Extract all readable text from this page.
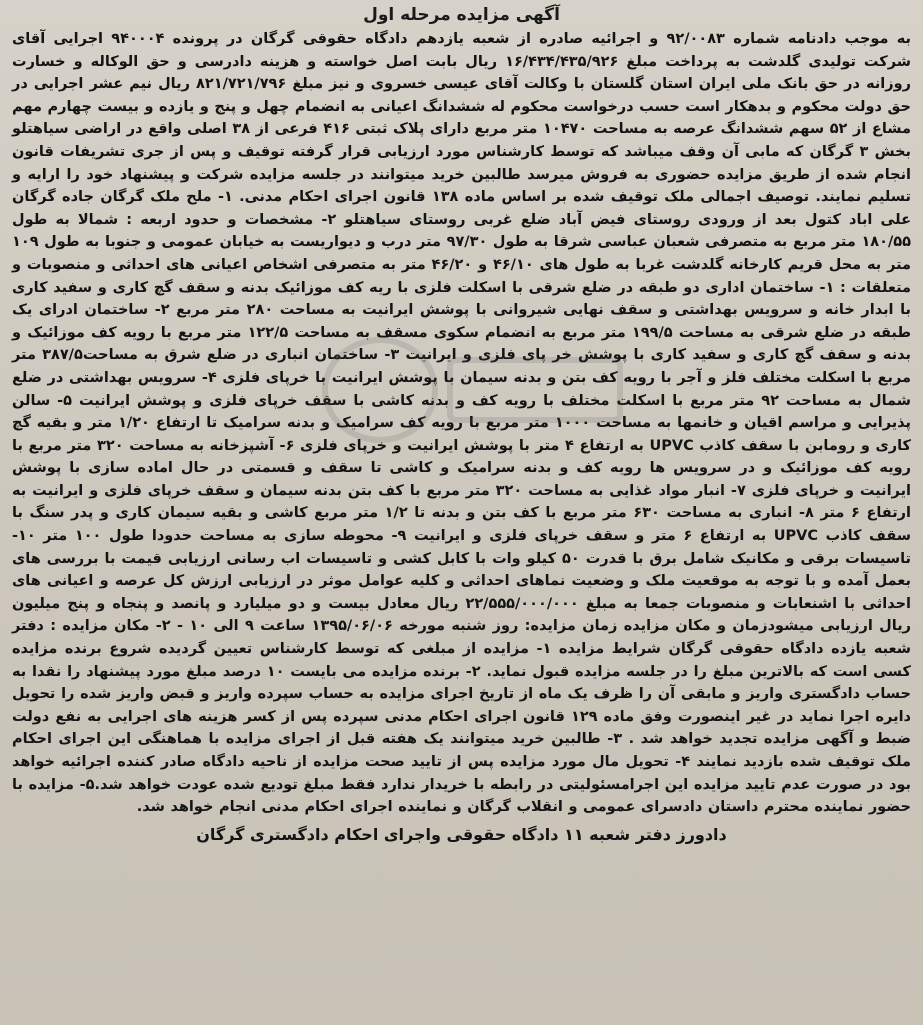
آگهی مزایده مرحله اول

به موجب دادنامه شماره ۹۲/۰۰۸۳ و اجرائیه صادره از شعبه یازدهم دادگاه حقوقی گرگان در پرونده ۹۴۰۰۰۴ اجرایی آقای شرکت تولیدی گلدشت به پرداخت مبلغ ۱۶/۴۳۴/۴۳۵/۹۲۶ ریال بابت اصل خواسته و هزینه دادرسی و حق الوکاله و خسارت روزانه در حق بانک ملی ایران استان گلستان با وکالت آقای عیسی خسروی و نیز مبلغ ۸۲۱/۷۲۱/۷۹۶ ریال نیم عشر اجرایی در حق دولت محکوم و بدهکار است حسب درخواست محکوم له ششدانگ اعیانی به انضمام چهل و پنج و یازده و بیست چهارم مهم مشاع از ۵۲ سهم ششدانگ عرصه به مساحت ۱۰۴۷۰ متر مربع دارای پلاک ثبتی ۴۱۶ فرعی از ۳۸ اصلی واقع در اراضی سیاهتلو بخش ۳ گرگان که مابی آن وقف میباشد که توسط کارشناس مورد ارزیابی قرار گرفته توقیف و پس از جری تشریفات قانون انجام شده از طریق مزایده حضوری به فروش میرسد طالبین خرید میتوانند در جلسه مزایده شرکت و پیشنهاد خود را ارایه و تسلیم نمایند. توصیف اجمالی ملک توقیف شده بر اساس ماده ۱۳۸ قانون اجرای احکام مدنی. ۱- ملح ملک گرگان جاده گرگان علی اباد کتول بعد از ورودی روستای فیض آباد ضلع غربی روستای سیاهتلو ۲- مشخصات و حدود اربعه : شمالا به طول ۱۸۰/۵۵ متر مربع به متصرفی شعبان عباسی شرقا به طول ۹۷/۳۰ متر درب و دیواریست به خیابان عمومی و جنوبا به طول ۱۰۹ متر به محل قریم کارخانه گلدشت غربا به طول های ۴۶/۱۰ و ۴۶/۲۰ متر به متصرفی اشخاص اعیانی های احداثی و منصوبات و متعلقات : ۱- ساختمان اداری دو طبقه در ضلع شرقی با اسکلت فلزی با ریه کف موزائیک بدنه و سقف گچ کاری و سفید کاری با ابدار خانه و سرویس بهداشتی و سقف نهایی شیروانی با پوشش ایرانیت به مساحت ۲۸۰ متر مربع ۲- ساختمان ادرای یک طبقه در ضلع شرقی به مساحت ۱۹۹/۵ متر مربع به انضمام سکوی مسقف به مساحت ۱۲۲/۵ متر مربع با رویه کف موزائیک و بدنه و سقف گچ کاری و سفید کاری با پوشش خر پای فلزی و ایرانیت ۳- ساختمان انباری در ضلع شرق به مساحت۳۸۷/۵ متر مربع با اسکلت مختلف فلز و آجر با رویه کف بتن و بدنه سیمان با پوشش ایرانیت با خرپای فلزی ۴- سرویس بهداشتی در ضلع شمال به مساحت ۹۲ متر مربع با اسکلت مختلف با رویه کف و بدنه کاشی با سقف خرپای فلزی و پوشش ایرانیت ۵- سالن پذیرایی و مراسم اقیان و خانمها به مساحت ۱۰۰۰ متر مربع با رویه کف سرامیک و بدنه سرامیک تا ارتفاع ۱/۲۰ متر و بقیه گچ کاری و رومابن با سقف کاذب UPVC به ارتفاع ۴ متر با پوشش ایرانیت و خرپای فلزی ۶- آشپزخانه به مساحت ۳۲۰ متر مربع با رویه کف موزائیک و در سرویس ها رویه کف و بدنه سرامیک و کاشی تا سقف و قسمتی در حال اماده سازی با پوشش ایرانیت و خرپای فلزی ۷- انبار مواد غذایی به مساحت ۳۲۰ متر مربع با کف بتن بدنه سیمان و سقف خرپای فلزی و ایرانیت به ارتفاع ۶ متر ۸- انباری به مساحت ۶۳۰ متر مربع با کف بتن و بدنه تا ۱/۲ متر مربع کاشی و بقیه سیمان کاری و پدر سنگ با سقف کاذب UPVC به ارتفاع ۶ متر و سقف خرپای فلزی و ایرانیت ۹- محوطه سازی به مساحت حدودا طول ۱۰۰ متر ۱۰- تاسیسات برقی و مکانیک شامل برق با قدرت ۵۰ کیلو وات با کابل کشی و تاسیسات اب رسانی ارزیابی قیمت با بررسی های بعمل آمده و با توجه به موقعیت ملک و وضعیت نماهای احداثی و کلیه عوامل موثر در ارزیابی ارزش کل عرصه و اعیانی های احداثی با اشنعابات و منصوبات جمعا به مبلغ ۲۲/۵۵۵/۰۰۰/۰۰۰ ریال معادل بیست و دو میلیارد و پانصد و پنجاه و پنج میلیون ریال ارزیابی میشودزمان و مکان مزایده زمان مزایده: روز شنبه مورخه ۱۳۹۵/۰۶/۰۶ ساعت ۹ الی ۱۰ - ۲- مکان مزایده : دفتر شعبه یازده دادگاه حقوقی گرگان شرایط مزایده ۱- مزایده از مبلغی که توسط کارشناس تعیین گردیده شروع برنده مزایده کسی است که بالاترین مبلغ را در جلسه مزایده قبول نماید. ۲- برنده مزایده می بایست ۱۰ درصد مبلغ مورد پیشنهاد را نقدا به حساب دادگستری واریز و مابقی آن را ظرف یک ماه از تاریخ اجرای مزایده به حساب سپرده واریز و قبض واریز شده را تحویل دایره اجرا نماید در غیر اینصورت وفق ماده ۱۲۹ قانون اجرای احکام مدنی سپرده پس از کسر هزینه های اجرایی به نفع دولت ضبط و آگهی مزایده تجدید خواهد شد . ۳- طالبین خرید میتوانند یک هفته قبل از اجرای مزایده با هماهنگی این اجرای احکام ملک توقیف شده بازدید نمایند ۴- تحویل مال مورد مزایده پس از تایید صحت مزایده از ناحیه دادگاه صادر کننده اجرائیه خواهد بود در صورت عدم تایید مزایده این اجرامسئولیتی در رابطه با خریدار ندارد فقط مبلغ تودیع شده عودت خواهد شد.۵- مزایده با حضور نماینده محترم داستان دادسرای عمومی و انقلاب گرگان و نماینده اجرای احکام مدنی انجام خواهد شد.

دادورز دفتر شعبه ۱۱ دادگاه حقوقی واجرای احکام دادگستری گرگان
